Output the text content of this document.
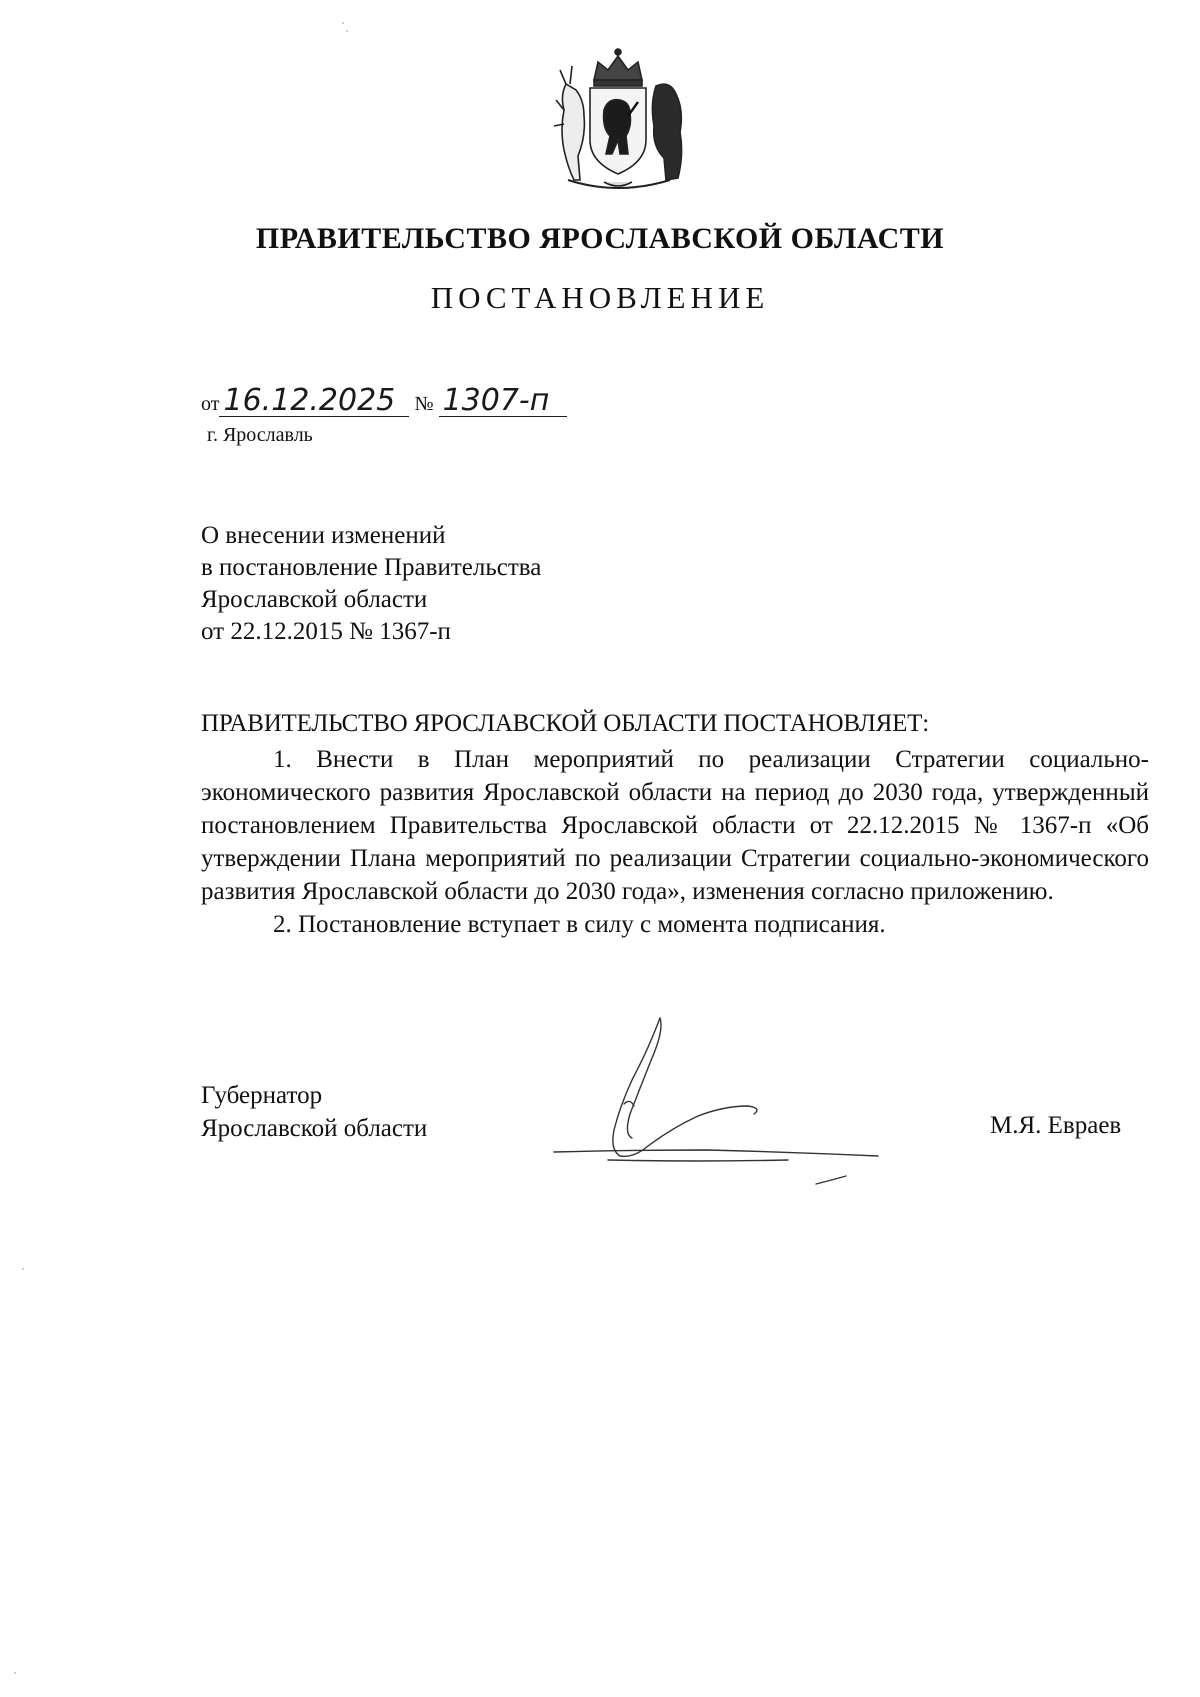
ПРАВИТЕЛЬСТВО ЯРОСЛАВСКОЙ ОБЛАСТИ
ПОСТАНОВЛЕНИЕ
от 16.12.2025 № 1307-п
г. Ярославль
О внесении изменений
в постановление Правительства
Ярославской области
от 22.12.2015 № 1367-п
ПРАВИТЕЛЬСТВО ЯРОСЛАВСКОЙ ОБЛАСТИ ПОСТАНОВЛЯЕТ:

1. Внести в План мероприятий по реализации Стратегии социально-экономического развития Ярославской области на период до 2030 года, утвержденный постановлением Правительства Ярославской области от 22.12.2015 № 1367-п «Об утверждении Плана мероприятий по реализации Стратегии социально-экономического развития Ярославской области до 2030 года», изменения согласно приложению.

2. Постановление вступает в силу с момента подписания.

Губернатор
Ярославской области	М.Я. Евраев
